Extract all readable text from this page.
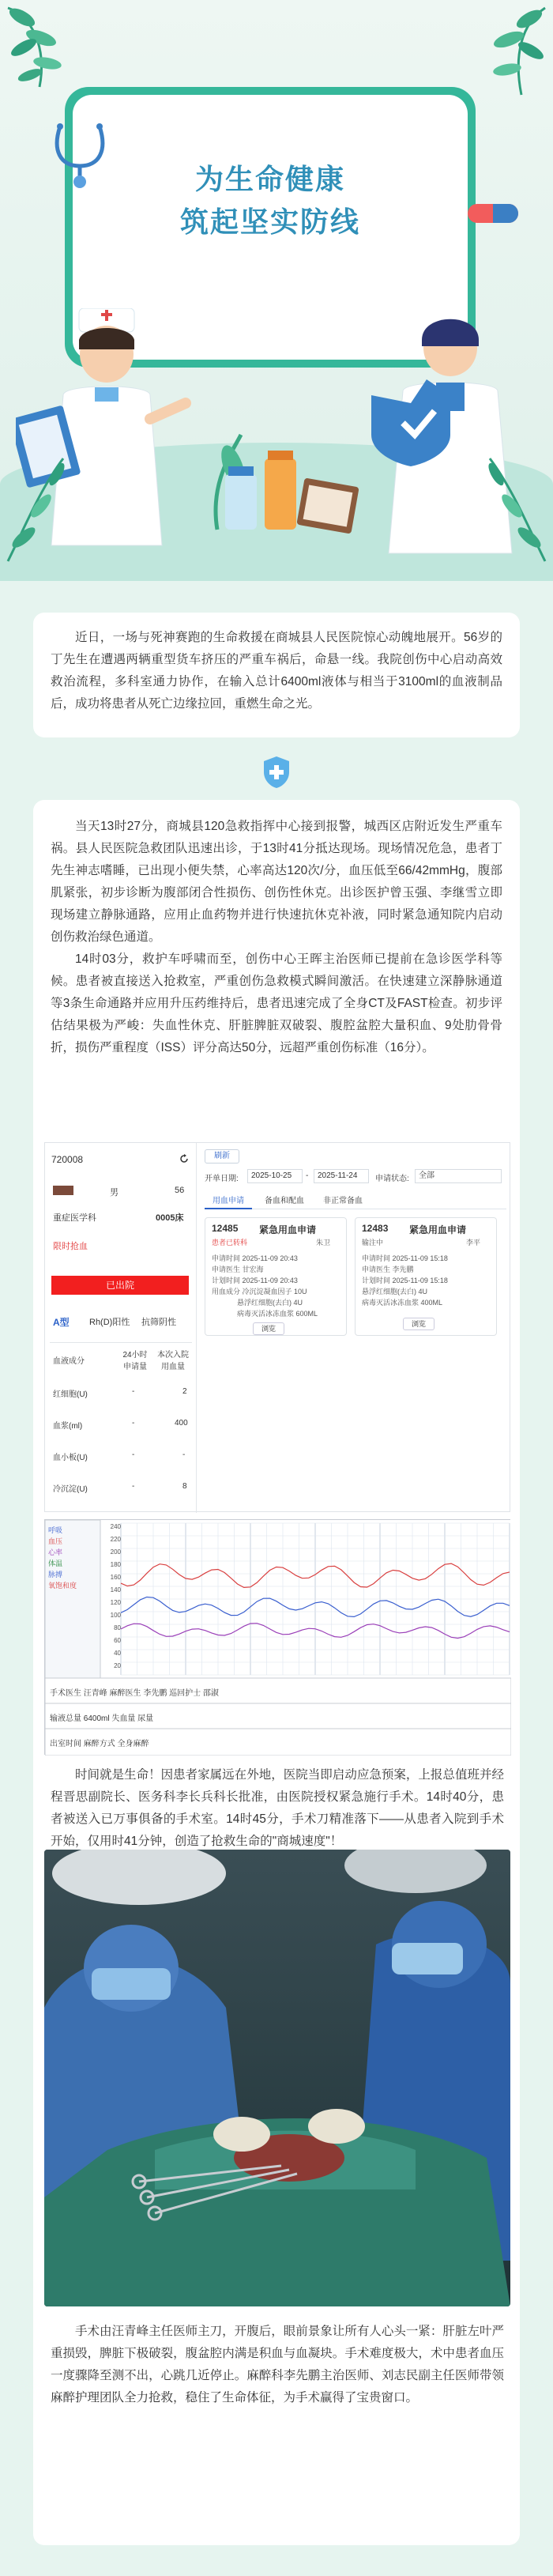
为生命健康
筑起坚实防线

近日，一场与死神赛跑的生命救援在商城县人民医院惊心动魄地展开。56岁的丁先生在遭遇两辆重型货车挤压的严重车祸后，命悬一线。我院创伤中心启动高效救治流程，多科室通力协作，在输入总计6400ml液体与相当于3100ml的血液制品后，成功将患者从死亡边缘拉回，重燃生命之光。

当天13时27分，商城县120急救指挥中心接到报警，城西区店附近发生严重车祸。县人民医院急救团队迅速出诊，于13时41分抵达现场。现场情况危急，患者丁先生神志嗜睡，已出现小便失禁，心率高达120次/分，血压低至66/42mmHg，腹部肌紧张，初步诊断为腹部闭合性损伤、创伤性休克。出诊医护曾玉强、李继雪立即现场建立静脉通路，应用止血药物并进行快速抗休克补液，同时紧急通知院内启动创伤救治绿色通道。

14时03分，救护车呼啸而至，创伤中心王晖主治医师已提前在急诊医学科等候。患者被直接送入抢救室，严重创伤急救模式瞬间激活。在快速建立深静脉通道等3条生命通路并应用升压药维持后，患者迅速完成了全身CT及FAST检查。初步评估结果极为严峻：失血性休克、肝脏脾脏双破裂、腹腔盆腔大量积血、9处肋骨骨折，损伤严重程度（ISS）评分高达50分，远超严重创伤标准（16分）。

720008
男	56
重症医学科	0005床
限时抢血
已出院
A型 Rh(D)阳性 抗筛阴性
血液成分
24小时申请量
本次入院用血量
红细胞(U)	-	2
血浆(ml)	-	400
血小板(U)	-	-
冷沉淀(U)	-	8
刷新
开单日期:	2025-10-25	-	2025-11-24	申请状态:	全部
用血申请	备血和配血	非正常备血
12485 紧急用血申请
患者已转科	朱卫
申请时间 2025-11-09 20:43
申请医生 甘宏海
计划时间 2025-11-09 20:43
用血成分 冷沉淀凝血因子 10U
悬浮红细胞(去白) 4U
病毒灭活冰冻血浆 600ML
浏览
12483 紧急用血申请
输注中	李平
申请时间 2025-11-09 15:18
申请医生 李先鹏
计划时间 2025-11-09 15:18
悬浮红细胞(去白) 4U
病毒灭活冰冻血浆 400ML
浏览
呼吸
血压
心率
体温
脉搏
氧饱和度
240
220
200
180
160
140
120
100
80
60
40
20
手术医生 汪青峰 麻醉医生 李先鹏 巡回护士 邵淑
输液总量 6400ml 失血量 尿量
出室时间 麻醉方式 全身麻醉

时间就是生命！因患者家属远在外地，医院当即启动应急预案，上报总值班并经程晋思副院长、医务科李长兵科长批准，由医院授权紧急施行手术。14时40分，患者被送入已万事俱备的手术室。14时45分，手术刀精准落下——从患者入院到手术开始，仅用时41分钟，创造了抢救生命的"商城速度"！

手术由汪青峰主任医师主刀，开腹后，眼前景象让所有人心头一紧：肝脏左叶严重损毁，脾脏下极破裂，腹盆腔内满是积血与血凝块。手术难度极大，术中患者血压一度骤降至测不出，心跳几近停止。麻醉科李先鹏主治医师、刘志民副主任医师带领麻醉护理团队全力抢救，稳住了生命体征，为手术赢得了宝贵窗口。
